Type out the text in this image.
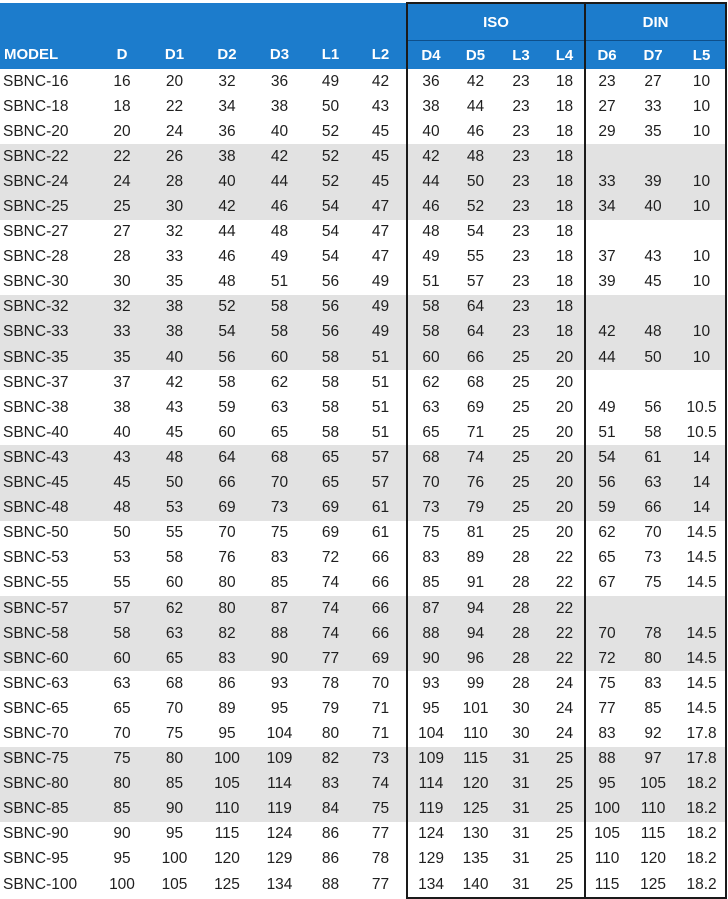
							ISO				DIN		
MODEL	D	D1	D2	D3	L1	L2	D4	D5	L3	L4	D6	D7	L5
SBNC-16	16	20	32	36	49	42	36	42	23	18	23	27	10
SBNC-18	18	22	34	38	50	43	38	44	23	18	27	33	10
SBNC-20	20	24	36	40	52	45	40	46	23	18	29	35	10
SBNC-22	22	26	38	42	52	45	42	48	23	18			
SBNC-24	24	28	40	44	52	45	44	50	23	18	33	39	10
SBNC-25	25	30	42	46	54	47	46	52	23	18	34	40	10
SBNC-27	27	32	44	48	54	47	48	54	23	18			
SBNC-28	28	33	46	49	54	47	49	55	23	18	37	43	10
SBNC-30	30	35	48	51	56	49	51	57	23	18	39	45	10
SBNC-32	32	38	52	58	56	49	58	64	23	18			
SBNC-33	33	38	54	58	56	49	58	64	23	18	42	48	10
SBNC-35	35	40	56	60	58	51	60	66	25	20	44	50	10
SBNC-37	37	42	58	62	58	51	62	68	25	20			
SBNC-38	38	43	59	63	58	51	63	69	25	20	49	56	10.5
SBNC-40	40	45	60	65	58	51	65	71	25	20	51	58	10.5
SBNC-43	43	48	64	68	65	57	68	74	25	20	54	61	14
SBNC-45	45	50	66	70	65	57	70	76	25	20	56	63	14
SBNC-48	48	53	69	73	69	61	73	79	25	20	59	66	14
SBNC-50	50	55	70	75	69	61	75	81	25	20	62	70	14.5
SBNC-53	53	58	76	83	72	66	83	89	28	22	65	73	14.5
SBNC-55	55	60	80	85	74	66	85	91	28	22	67	75	14.5
SBNC-57	57	62	80	87	74	66	87	94	28	22			
SBNC-58	58	63	82	88	74	66	88	94	28	22	70	78	14.5
SBNC-60	60	65	83	90	77	69	90	96	28	22	72	80	14.5
SBNC-63	63	68	86	93	78	70	93	99	28	24	75	83	14.5
SBNC-65	65	70	89	95	79	71	95	101	30	24	77	85	14.5
SBNC-70	70	75	95	104	80	71	104	110	30	24	83	92	17.8
SBNC-75	75	80	100	109	82	73	109	115	31	25	88	97	17.8
SBNC-80	80	85	105	114	83	74	114	120	31	25	95	105	18.2
SBNC-85	85	90	110	119	84	75	119	125	31	25	100	110	18.2
SBNC-90	90	95	115	124	86	77	124	130	31	25	105	115	18.2
SBNC-95	95	100	120	129	86	78	129	135	31	25	110	120	18.2
SBNC-100	100	105	125	134	88	77	134	140	31	25	115	125	18.2
